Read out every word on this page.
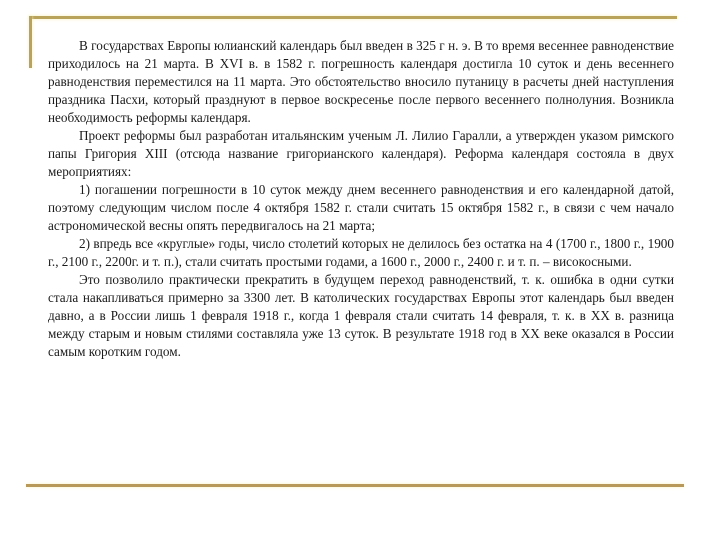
В государствах Европы юлианский календарь был введен в 325 г н. э. В то время весеннее равноденствие приходилось на 21 марта. В XVI в. в 1582 г. погрешность календаря достигла 10 суток и день весеннего равноденствия переместился на 11 марта. Это обстоятельство вносило путаницу в расчеты дней наступления праздника Пасхи, который празднуют в первое воскресенье после первого весеннего полнолуния. Возникла необходимость реформы календаря.

Проект реформы был разработан итальянским ученым Л. Лилио Гаралли, а утвержден указом римского папы Григория XIII (отсюда название григорианского календаря). Реформа календаря состояла в двух мероприятиях:

1) погашении погрешности в 10 суток между днем весеннего равноденствия и его календарной датой, поэтому следующим числом после 4 октября 1582 г. стали считать 15 октября 1582 г., в связи с чем начало астрономической весны опять передвигалось на 21 марта;

2) впредь все «круглые» годы, число столетий которых не делилось без остатка на 4 (1700 г., 1800 г., 1900 г., 2100 г., 2200г. и т. п.), стали считать простыми годами, а 1600 г., 2000 г., 2400 г. и т. п. – високосными.

Это позволило практически прекратить в будущем переход равноденствий, т. к. ошибка в одни сутки стала накапливаться примерно за 3300 лет. В католических государствах Европы этот календарь был введен давно, а в России лишь 1 февраля 1918 г., когда 1 февраля стали считать 14 февраля, т. к. в XX в. разница между старым и новым стилями составляла уже 13 суток. В результате 1918 год в XX веке оказался в России самым коротким годом.
